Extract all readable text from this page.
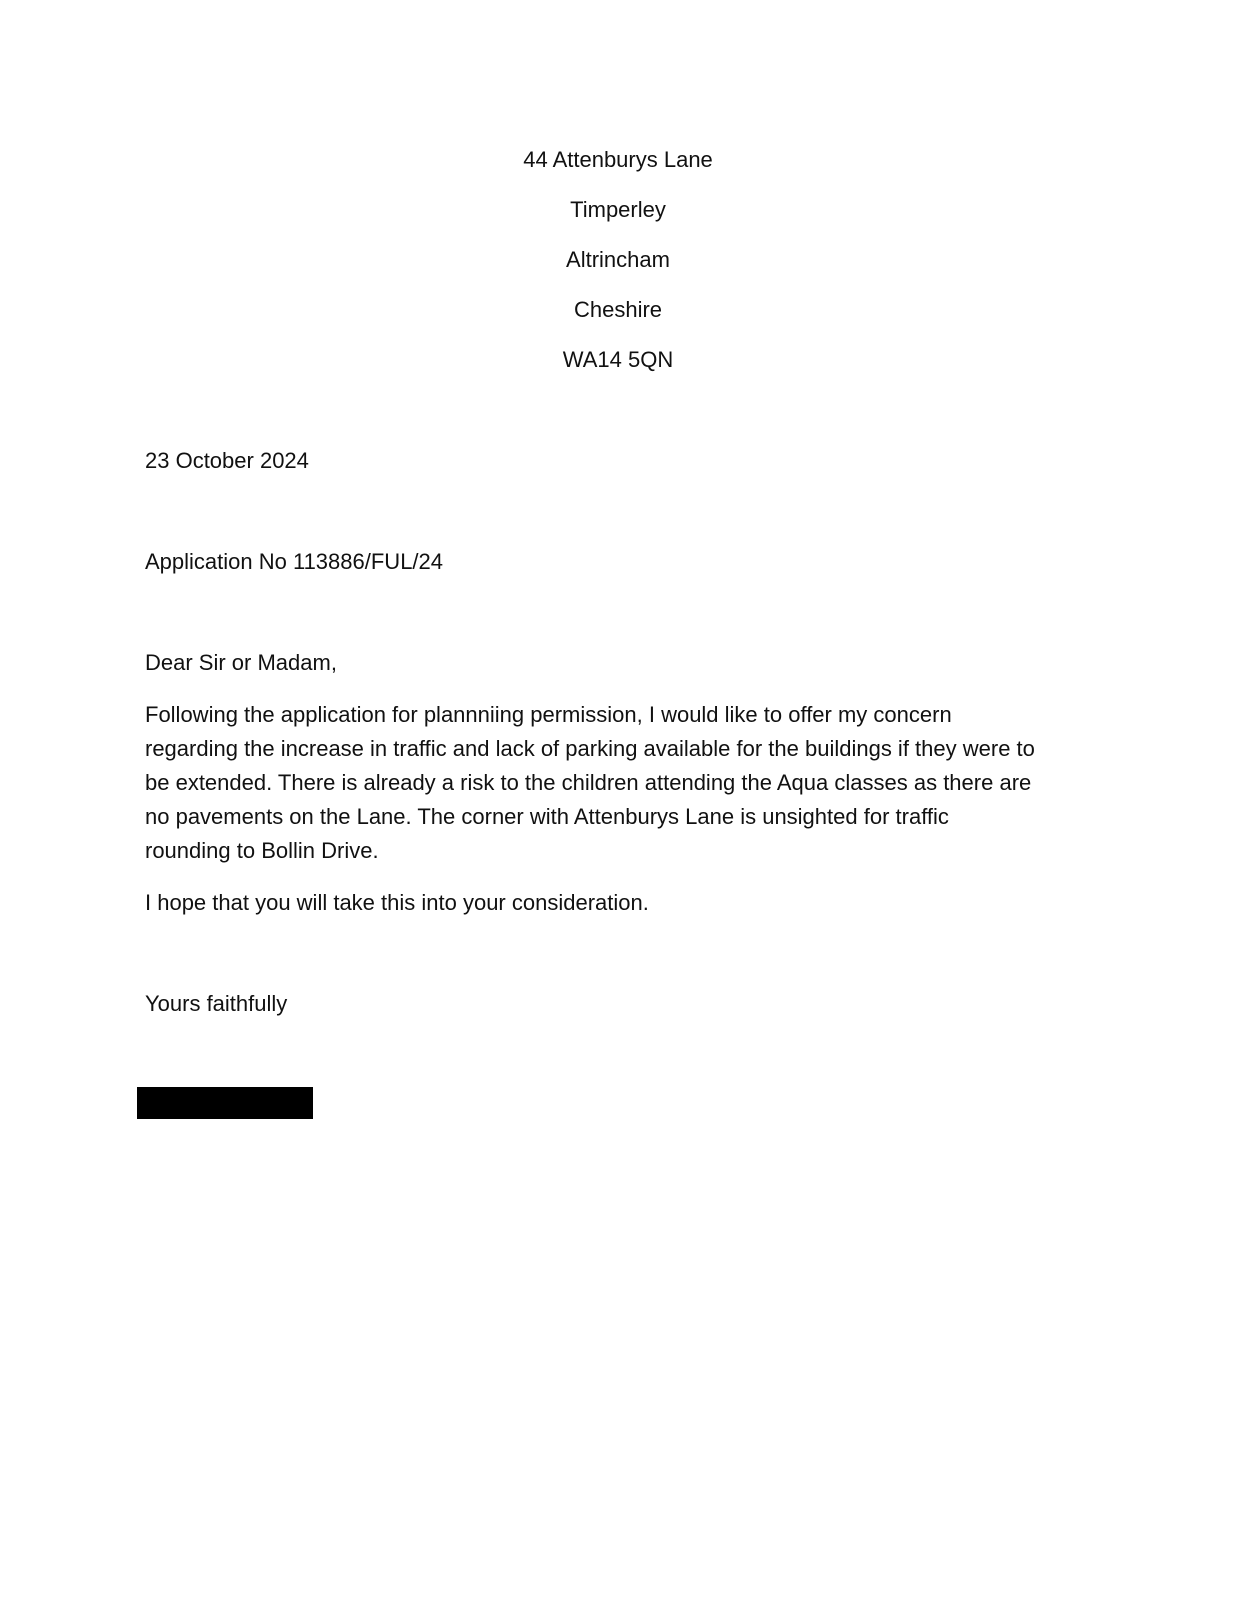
44 Attenburys Lane
Timperley
Altrincham
Cheshire
WA14 5QN
23 October 2024
Application No 113886/FUL/24
Dear Sir or Madam,
Following the application for plannniing permission, I would like to offer my concern
regarding the increase in traffic and lack of parking available for the buildings if they were to
be extended. There is already a risk to the children attending the Aqua classes as there are
no pavements on the Lane. The corner with Attenburys Lane is unsighted for traffic
rounding to Bollin Drive.
I hope that you will take this into your consideration.
Yours faithfully
